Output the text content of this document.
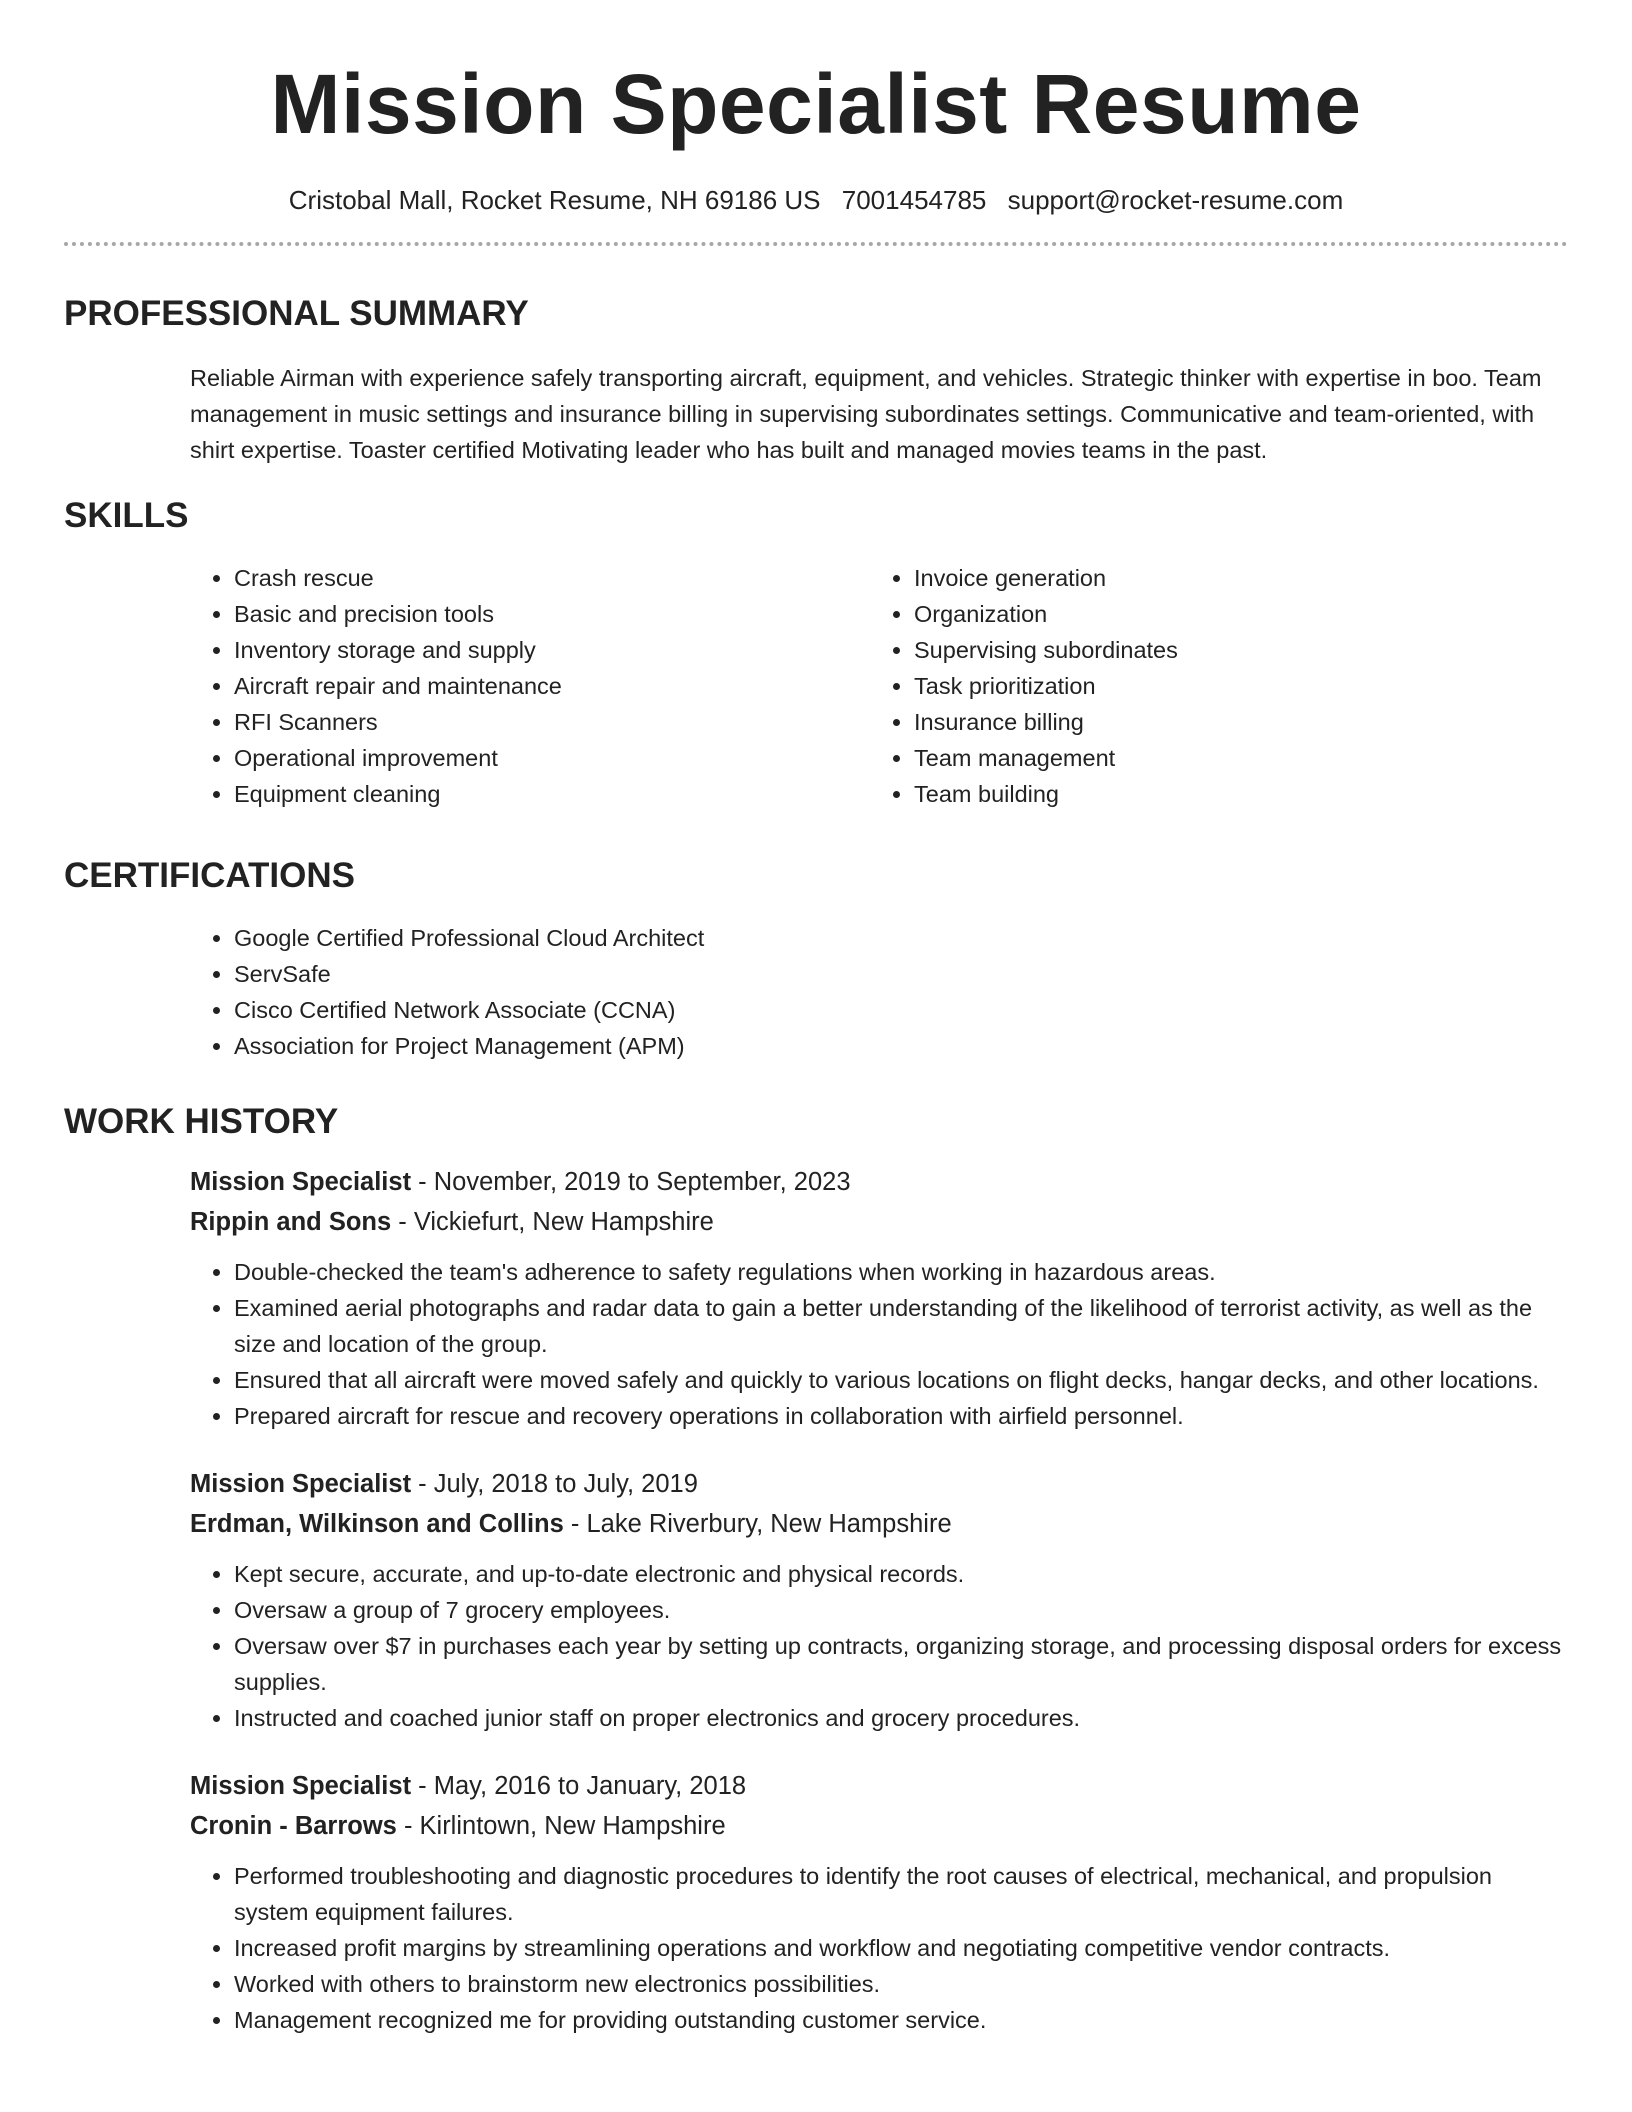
Mission Specialist Resume
Cristobal Mall, Rocket Resume, NH 69186 US 7001454785 support@rocket-resume.com
PROFESSIONAL SUMMARY

Reliable Airman with experience safely transporting aircraft, equipment, and vehicles. Strategic thinker with expertise in boo. Team management in music settings and insurance billing in supervising subordinates settings. Communicative and team-oriented, with shirt expertise. Toaster certified Motivating leader who has built and managed movies teams in the past.

SKILLS
• Crash rescue
• Basic and precision tools
• Inventory storage and supply
• Aircraft repair and maintenance
• RFI Scanners
• Operational improvement
• Equipment cleaning
• Invoice generation
• Organization
• Supervising subordinates
• Task prioritization
• Insurance billing
• Team management
• Team building
CERTIFICATIONS
• Google Certified Professional Cloud Architect
• ServSafe
• Cisco Certified Network Associate (CCNA)
• Association for Project Management (APM)
WORK HISTORY
Mission Specialist - November, 2019 to September, 2023
Rippin and Sons - Vickiefurt, New Hampshire
• Double-checked the team's adherence to safety regulations when working in hazardous areas.
• Examined aerial photographs and radar data to gain a better understanding of the likelihood of terrorist activity, as well as the size and location of the group.
• Ensured that all aircraft were moved safely and quickly to various locations on flight decks, hangar decks, and other locations.
• Prepared aircraft for rescue and recovery operations in collaboration with airfield personnel.
Mission Specialist - July, 2018 to July, 2019
Erdman, Wilkinson and Collins - Lake Riverbury, New Hampshire
• Kept secure, accurate, and up-to-date electronic and physical records.
• Oversaw a group of 7 grocery employees.
• Oversaw over $7 in purchases each year by setting up contracts, organizing storage, and processing disposal orders for excess supplies.
• Instructed and coached junior staff on proper electronics and grocery procedures.
Mission Specialist - May, 2016 to January, 2018
Cronin - Barrows - Kirlintown, New Hampshire
• Performed troubleshooting and diagnostic procedures to identify the root causes of electrical, mechanical, and propulsion system equipment failures.
• Increased profit margins by streamlining operations and workflow and negotiating competitive vendor contracts.
• Worked with others to brainstorm new electronics possibilities.
• Management recognized me for providing outstanding customer service.
